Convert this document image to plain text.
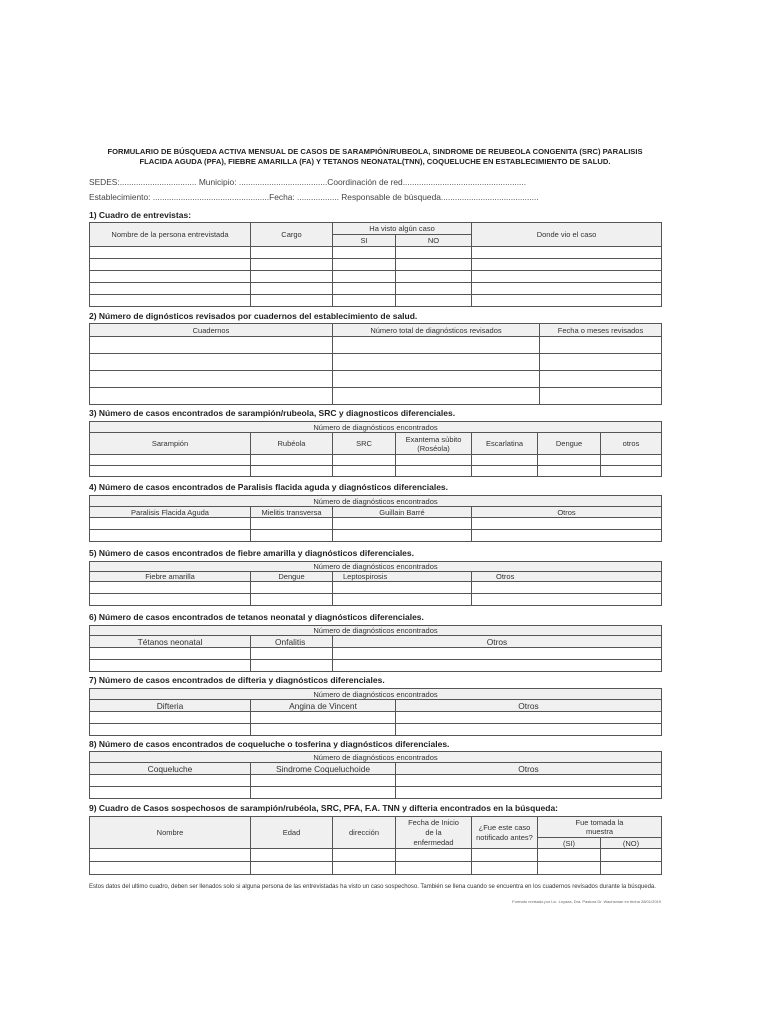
FORMULARIO DE BÚSQUEDA ACTIVA MENSUAL DE CASOS DE SARAMPIÓN/RUBEOLA, SINDROME DE REUBEOLA CONGENITA (SRC) PARALISIS
FLACIDA AGUDA (PFA), FIEBRE AMARILLA (FA) Y TETANOS NEONATAL(TNN), COQUELUCHE EN ESTABLECIMIENTO DE SALUD.
SEDES:................................. Municipio: ......................................Coordinación de red.....................................................
Establecimiento: ..................................................Fecha: .................. Responsable de búsqueda..........................................
1) Cuadro de entrevistas:
Nombre de la persona entrevistada	Cargo	Ha visto algún caso		Donde vio el caso
		SI	NO	

2) Número de dignósticos revisados por cuadernos del establecimiento de salud.
Cuadernos	Número total de diagnósticos revisados	Fecha o meses revisados

3) Número de casos encontrados de sarampión/rubeola, SRC y diagnosticos diferenciales.
Número de diagnósticos encontrados						
Sarampión	Rubéola	SRC	Exantema súbito (Roséola)	Escarlatina	Dengue	otros

4) Número de casos encontrados de Paralisis flacida aguda y diagnósticos diferenciales.
Número de diagnósticos encontrados			
Paralisis Flacida Aguda	Mielitis transversa	Guillain Barré	Otros

5) Número de casos encontrados de fiebre amarilla y diagnósticos diferenciales.
Número de diagnósticos encontrados			
Fiebre amarilla	Dengue	Leptospirosis	Otros

6) Número de casos encontrados de tetanos neonatal y diagnósticos diferenciales.
Número de diagnósticos encontrados		
Tétanos neonatal	Onfalitis	Otros

7) Número de casos encontrados de difteria y diagnósticos diferenciales.
Número de diagnósticos encontrados		
Difteria	Angina de Vincent	Otros

8) Número de casos encontrados de coqueluche o tosferina y diagnósticos diferenciales.
Número de diagnósticos encontrados		
Coqueluche	Sindrome Coqueluchoide	Otros

9) Cuadro de Casos sospechosos de sarampión/rubéola, SRC, PFA, F.A. TNN y difteria encontrados en la búsqueda:
Nombre	Edad	dirección	Fecha de Inicio de la enfermedad	¿Fue este caso notificado antes?	Fue tomada la muestra	
					(SI)	(NO)

Estos datos del ultimo cuadro, deben ser llenados solo si alguna persona de las entrevistadas ha visto un caso sospechoso. También se llena cuando se encuentra en los cuadernos revisados durante la búsqueda.
Formato revisado por Lic. Loyaza, Dra. Pastora Dr. Wachsman en fecha 28/01/2019
